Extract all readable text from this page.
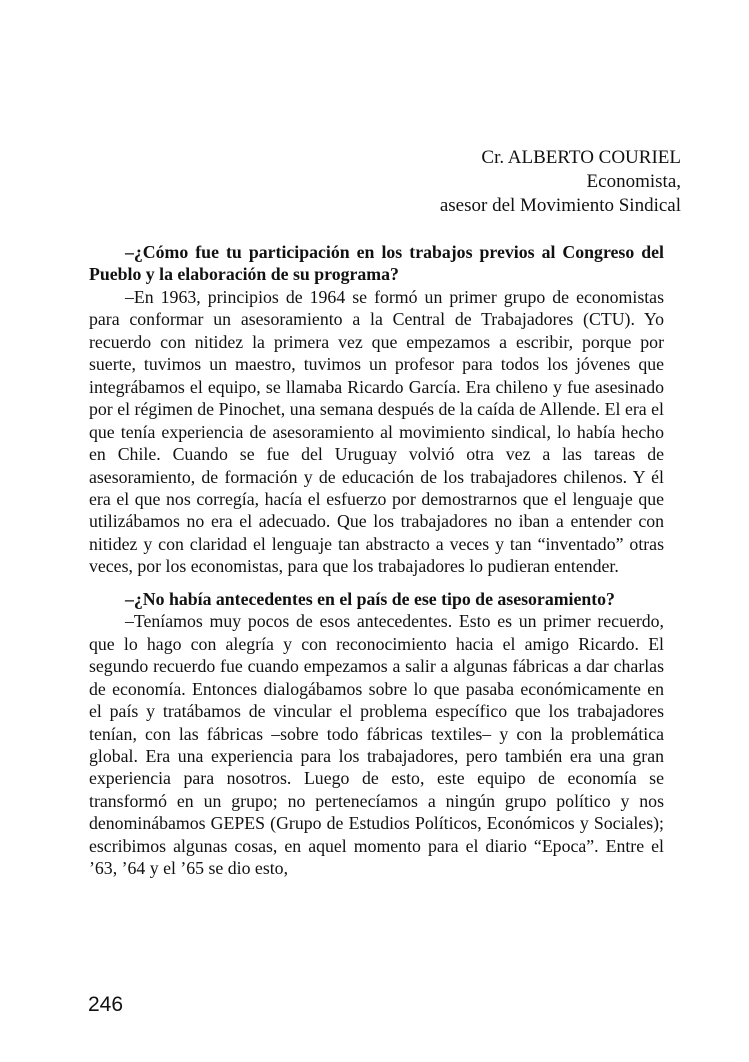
Cr. ALBERTO COURIEL
Economista,
asesor del Movimiento Sindical

–¿Cómo fue tu participación en los trabajos previos al Congreso del Pueblo y la elaboración de su programa?

–En 1963, principios de 1964 se formó un primer grupo de economistas para conformar un asesoramiento a la Central de Trabajadores (CTU). Yo recuerdo con nitidez la primera vez que empezamos a escribir, porque por suerte, tuvimos un maestro, tuvimos un profesor para todos los jóvenes que integrábamos el equipo, se llamaba Ricardo García. Era chileno y fue asesinado por el régimen de Pinochet, una semana después de la caída de Allende. El era el que tenía experiencia de asesoramiento al movimiento sindical, lo había hecho en Chile. Cuando se fue del Uruguay volvió otra vez a las tareas de asesoramiento, de formación y de educación de los trabajadores chilenos. Y él era el que nos corregía, hacía el esfuerzo por demostrarnos que el lenguaje que utilizábamos no era el adecuado. Que los trabajadores no iban a entender con nitidez y con claridad el lenguaje tan abstracto a veces y tan “inventado” otras veces, por los economistas, para que los trabajadores lo pudieran entender.

–¿No había antecedentes en el país de ese tipo de asesoramiento?

–Teníamos muy pocos de esos antecedentes. Esto es un primer recuerdo, que lo hago con alegría y con reconocimiento hacia el amigo Ricardo. El segundo recuerdo fue cuando empezamos a salir a algunas fábricas a dar charlas de economía. Entonces dialogábamos sobre lo que pasaba económicamente en el país y tratábamos de vincular el problema específico que los trabajadores tenían, con las fábricas –sobre todo fábricas textiles– y con la problemática global. Era una experiencia para los trabajadores, pero también era una gran experiencia para nosotros. Luego de esto, este equipo de economía se transformó en un grupo; no pertenecíamos a ningún grupo político y nos denominábamos GEPES (Grupo de Estudios Políticos, Económicos y Sociales); escribimos algunas cosas, en aquel momento para el diario “Epoca”. Entre el ’63, ’64 y el ’65 se dio esto,

246
